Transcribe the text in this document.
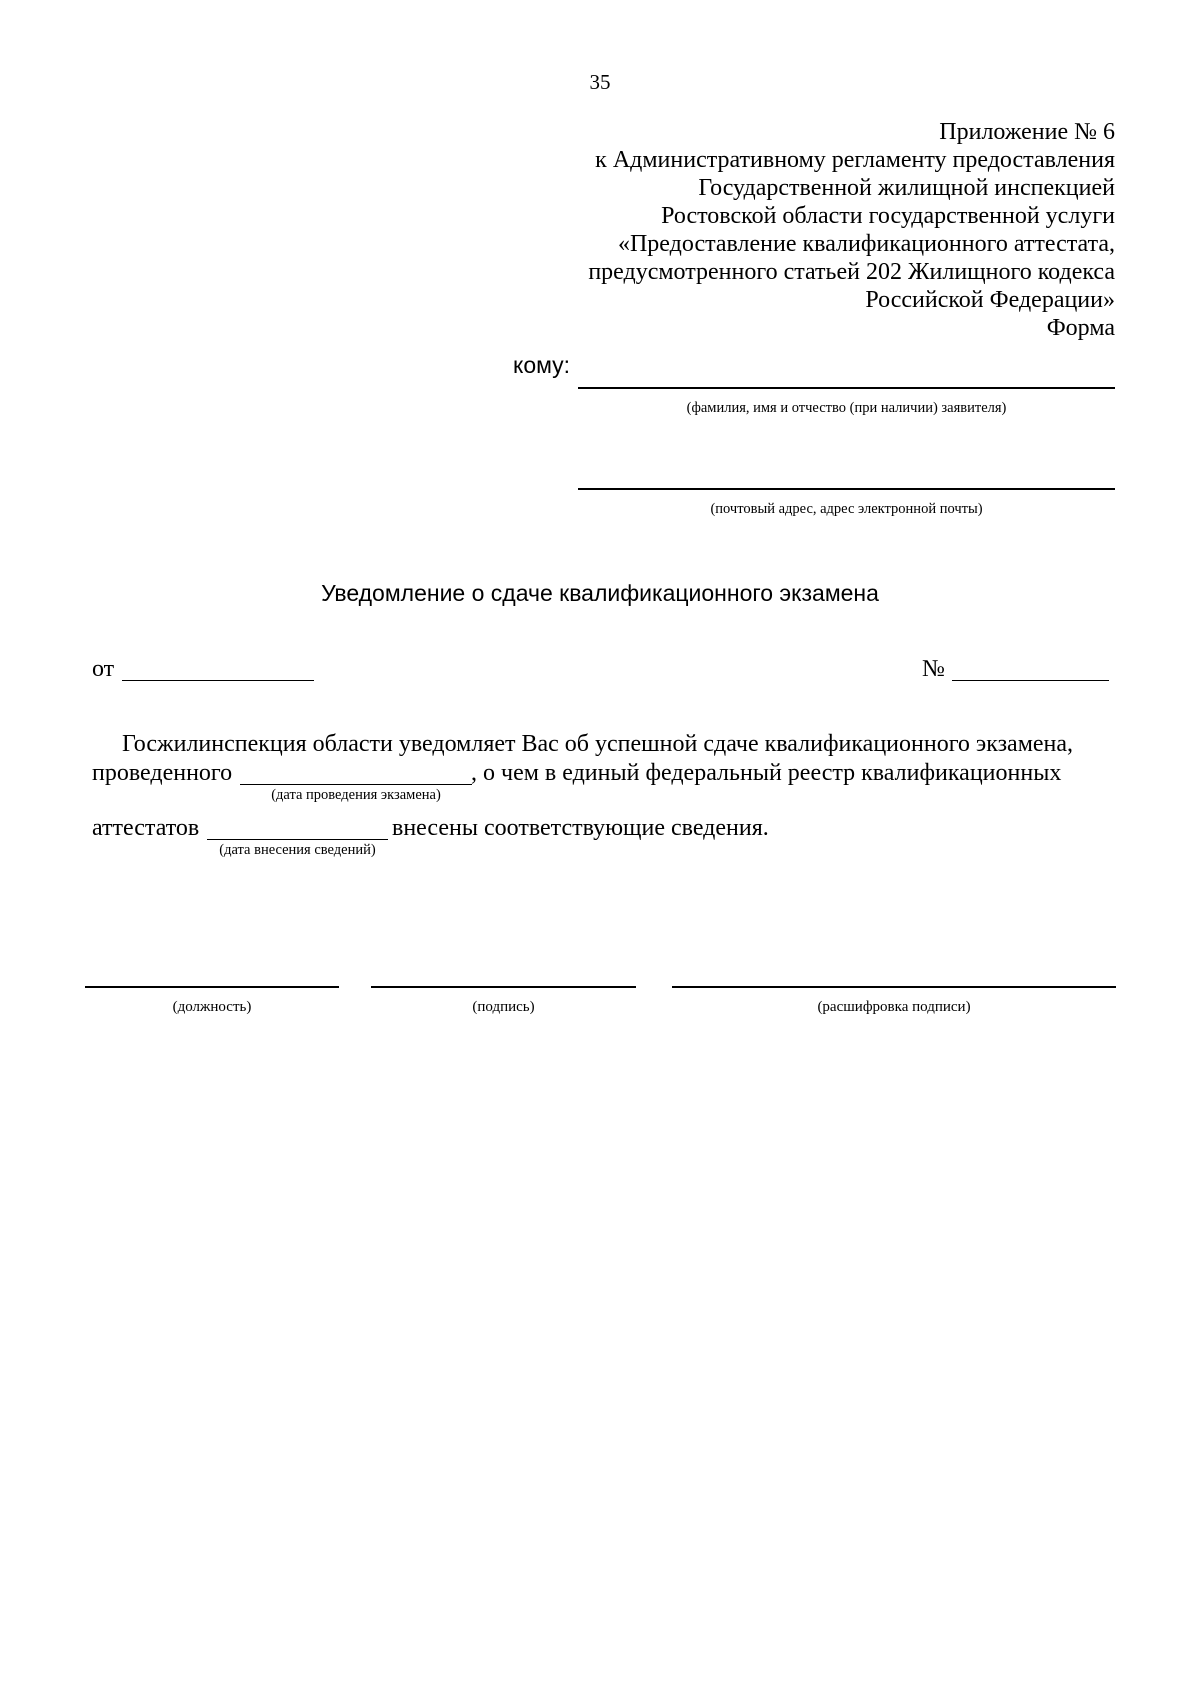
35
Приложение № 6
к Административному регламенту предоставления
Государственной жилищной инспекцией
Ростовской области государственной услуги
«Предоставление квалификационного аттестата,
предусмотренного статьей 202 Жилищного кодекса
Российской Федерации»
Форма
кому:
(фамилия, имя и отчество (при наличии) заявителя)
(почтовый адрес, адрес электронной почты)
Уведомление о сдаче квалификационного экзамена
от	№
Госжилинспекция области уведомляет Вас об успешной сдаче квалификационного экзамена,
проведенного	, о чем в единый федеральный реестр квалификационных
(дата проведения экзамена)
аттестатов	внесены соответствующие сведения.
(дата внесения сведений)
(должность)	(подпись)	(расшифровка подписи)
